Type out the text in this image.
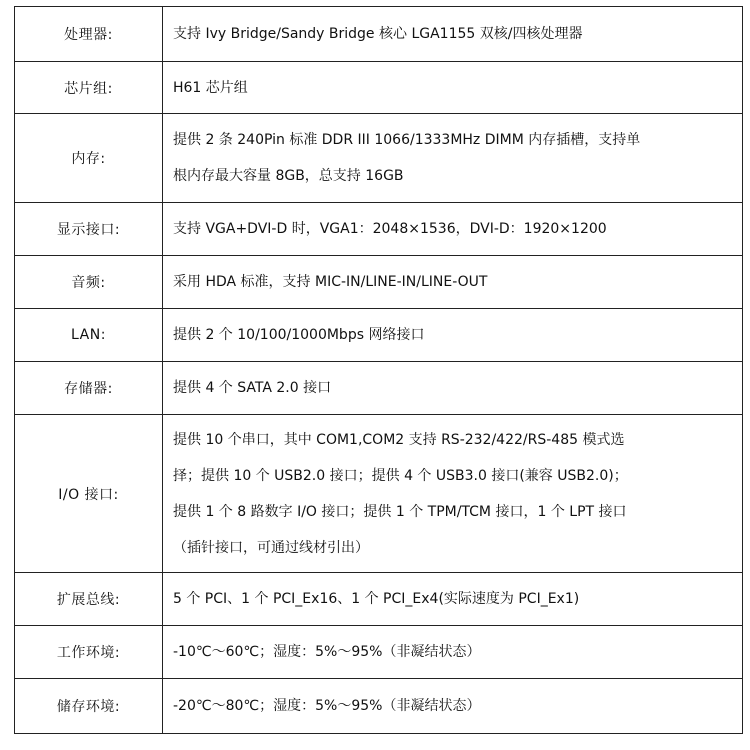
处理器:	支持 Ivy Bridge/Sandy Bridge 核心 LGA1155 双核/四核处理器

芯片组:	H61 芯片组

内存:	提供 2 条 240Pin 标准 DDR III 1066/1333MHz DIMM 内存插槽，支持单
根内存最大容量 8GB，总支持 16GB

显示接口:	支持 VGA+DVI-D 时，VGA1：2048×1536，DVI-D：1920×1200

音频:	采用 HDA 标准，支持 MIC-IN/LINE-IN/LINE-OUT

LAN:	提供 2 个 10/100/1000Mbps 网络接口

存储器:	提供 4 个 SATA 2.0 接口

I/O 接口:	提供 10 个串口，其中 COM1,COM2 支持 RS-232/422/RS-485 模式选
择；提供 10 个 USB2.0 接口；提供 4 个 USB3.0 接口(兼容 USB2.0)；
提供 1 个 8 路数字 I/O 接口；提供 1 个 TPM/TCM 接口，1 个 LPT 接口
（插针接口，可通过线材引出）

扩展总线:	5 个 PCI、1 个 PCI_Ex16、1 个 PCI_Ex4(实际速度为 PCI_Ex1)

工作环境:	-10℃～60℃；湿度：5%～95%（非凝结状态）

储存环境:	-20℃～80℃；湿度：5%～95%（非凝结状态）
